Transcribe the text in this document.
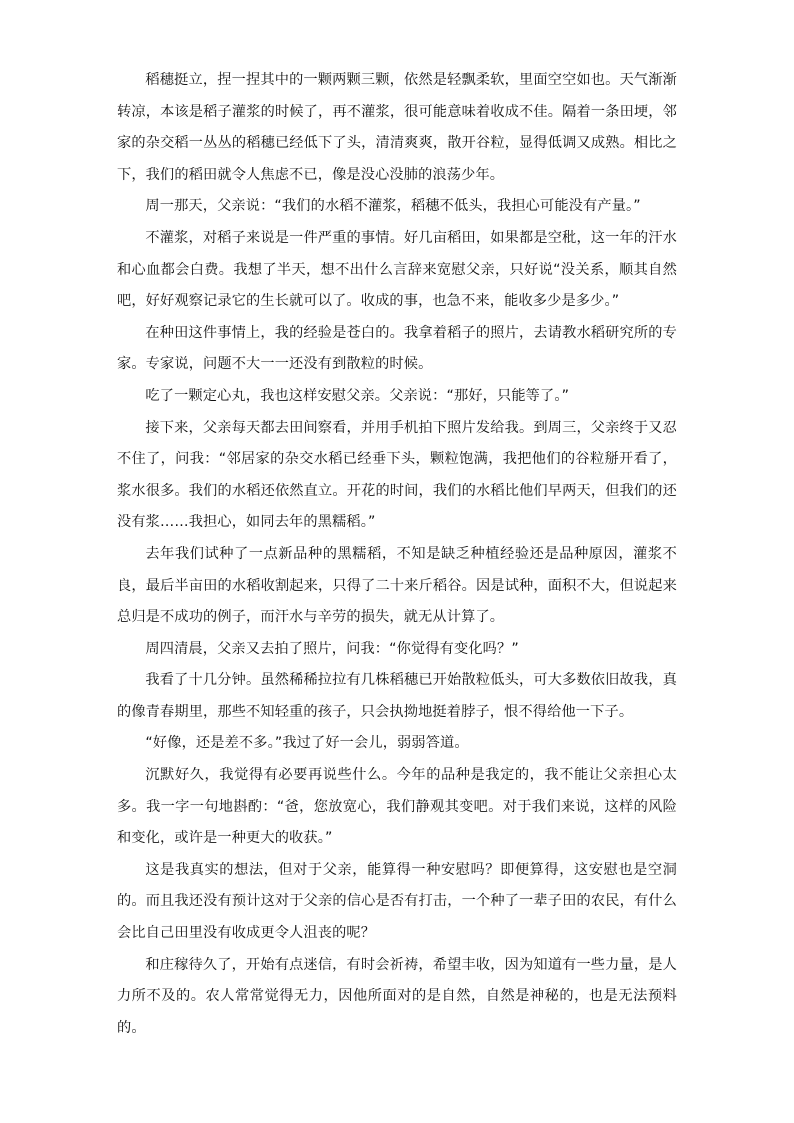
稻穗挺立，捏一捏其中的一颗两颗三颗，依然是轻飘柔软，里面空空如也。天气渐渐转凉，本该是稻子灌浆的时候了，再不灌浆，很可能意味着收成不佳。隔着一条田埂，邻家的杂交稻一丛丛的稻穗已经低下了头，清清爽爽，散开谷粒，显得低调又成熟。相比之下，我们的稻田就令人焦虑不已，像是没心没肺的浪荡少年。

周一那天，父亲说：“我们的水稻不灌浆，稻穗不低头，我担心可能没有产量。”

不灌浆，对稻子来说是一件严重的事情。好几亩稻田，如果都是空秕，这一年的汗水和心血都会白费。我想了半天，想不出什么言辞来宽慰父亲，只好说“没关系，顺其自然吧，好好观察记录它的生长就可以了。收成的事，也急不来，能收多少是多少。”

在种田这件事情上，我的经验是苍白的。我拿着稻子的照片，去请教水稻研究所的专家。专家说，问题不大一一还没有到散粒的时候。

吃了一颗定心丸，我也这样安慰父亲。父亲说：“那好，只能等了。”

接下来，父亲每天都去田间察看，并用手机拍下照片发给我。到周三，父亲终于又忍不住了，问我：“邻居家的杂交水稻已经垂下头，颗粒饱满，我把他们的谷粒掰开看了，浆水很多。我们的水稻还依然直立。开花的时间，我们的水稻比他们早两天，但我们的还没有浆……我担心，如同去年的黑糯稻。”

去年我们试种了一点新品种的黑糯稻，不知是缺乏种植经验还是品种原因，灌浆不良，最后半亩田的水稻收割起来，只得了二十来斤稻谷。因是试种，面积不大，但说起来总归是不成功的例子，而汗水与辛劳的损失，就无从计算了。

周四清晨，父亲又去拍了照片，问我：“你觉得有变化吗？”

我看了十几分钟。虽然稀稀拉拉有几株稻穗已开始散粒低头，可大多数依旧故我，真的像青春期里，那些不知轻重的孩子，只会执拗地挺着脖子，恨不得给他一下子。

“好像，还是差不多。”我过了好一会儿，弱弱答道。

沉默好久，我觉得有必要再说些什么。今年的品种是我定的，我不能让父亲担心太多。我一字一句地斟酌：“爸，您放宽心，我们静观其变吧。对于我们来说，这样的风险和变化，或许是一种更大的收获。”

这是我真实的想法，但对于父亲，能算得一种安慰吗？即便算得，这安慰也是空洞的。而且我还没有预计这对于父亲的信心是否有打击，一个种了一辈子田的农民，有什么会比自己田里没有收成更令人沮丧的呢？

和庄稼待久了，开始有点迷信，有时会祈祷，希望丰收，因为知道有一些力量，是人力所不及的。农人常常觉得无力，因他所面对的是自然，自然是神秘的，也是无法预料的。
